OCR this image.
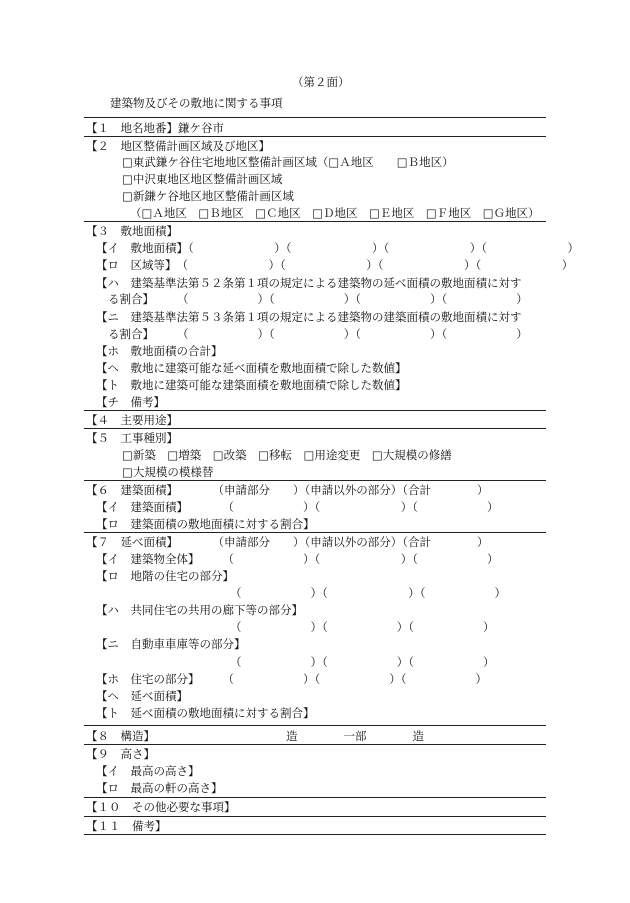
（第２面）
建築物及びその敷地に関する事項
【１　地名地番】鎌ケ谷市
【２　地区整備計画区域及び地区】
□東武鎌ケ谷住宅地地区整備計画区域（□Ａ地区　　□Ｂ地区）
□中沢東地区地区整備計画区域
□新鎌ケ谷地区地区整備計画区域
（□Ａ地区　□Ｂ地区　□Ｃ地区　□Ｄ地区　□Ｅ地区　□Ｆ地区　□Ｇ地区）
【３　敷地面積】
【イ　敷地面積】（　　　　　　　）（　　　　　　　）（　　　　　　　）（　　　　　　　）
【ロ　区域等】　（　　　　　　　）（　　　　　　　）（　　　　　　　）（　　　　　　　）
【ハ　建築基準法第５２条第１項の規定による建築物の延べ面積の敷地面積に対す
る割合】　　　（　　　　　　）（　　　　　　）（　　　　　　）（　　　　　　）
【ニ　建築基準法第５３条第１項の規定による建築物の建築面積の敷地面積に対す
る割合】　　　（　　　　　　）（　　　　　　）（　　　　　　）（　　　　　　）
【ホ　敷地面積の合計】
【ヘ　敷地に建築可能な延べ面積を敷地面積で除した数値】
【ト　敷地に建築可能な建築面積を敷地面積で除した数値】
【チ　備考】
【４　主要用途】
【５　工事種別】
□新築　□増築　□改築　□移転　□用途変更　□大規模の修繕
□大規模の模様替
【６　建築面積】　　　　（申請部分　　）（申請以外の部分）（合計　　　　）
【イ　建築面積】　　　　（　　　　　　）（　　　　　　　）（　　　　　　）
【ロ　建築面積の敷地面積に対する割合】
【７　延べ面積】　　　　（申請部分　　）（申請以外の部分）（合計　　　　）
【イ　建築物全体】　　　（　　　　　　）（　　　　　　　）（　　　　　　）
【ロ　地階の住宅の部分】
（　　　　　　）（　　　　　　　）（　　　　　　）
【ハ　共同住宅の共用の廊下等の部分】
（　　　　　　）（　　　　　　）（　　　　　　）
【ニ　自動車車庫等の部分】
（　　　　　　）（　　　　　　）（　　　　　　）
【ホ　住宅の部分】　　　（　　　　　　）（　　　　　　）（　　　　　　）
【ヘ　延べ面積】
【ト　延べ面積の敷地面積に対する割合】
【８　構造】	造　　　　一部　　　　造
【９　高さ】
【イ　最高の高さ】
【ロ　最高の軒の高さ】
【１０　その他必要な事項】
【１１　備考】
